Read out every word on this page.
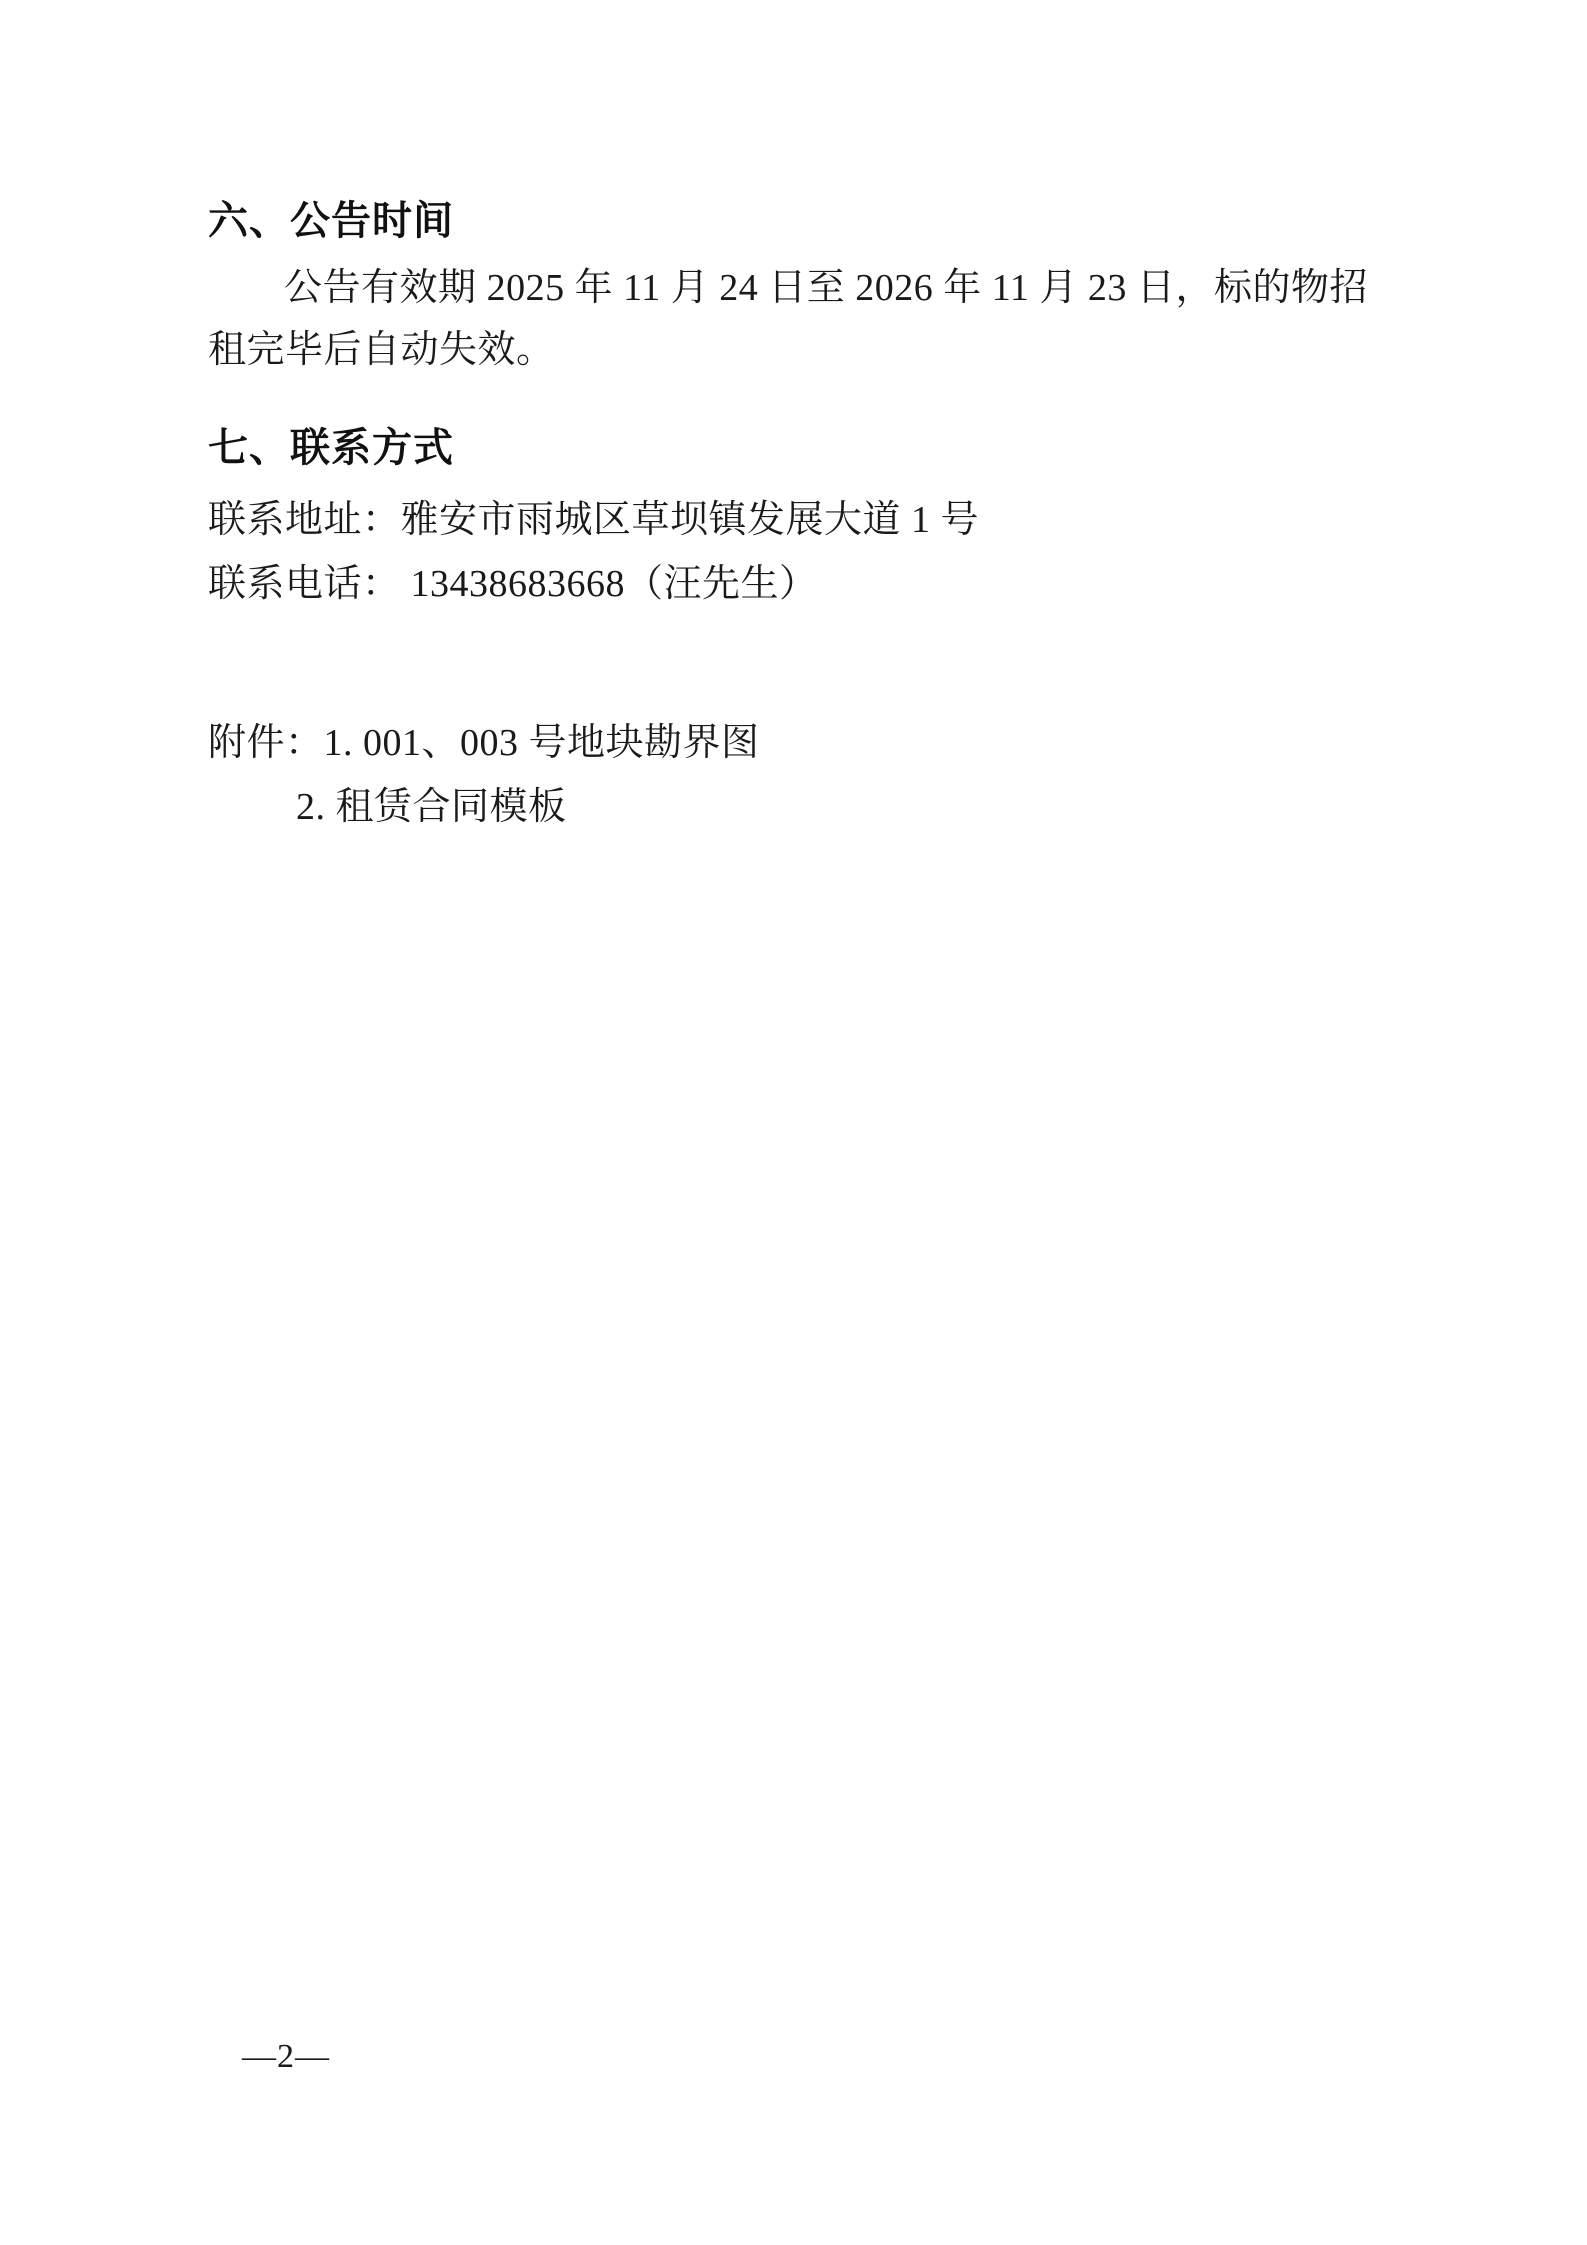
六、公告时间

公告有效期 2025 年 11 月 24 日至 2026 年 11 月 23 日，标的物招租完毕后自动失效。

七、联系方式

联系地址：雅安市雨城区草坝镇发展大道 1 号

联系电话： 13438683668（汪先生）

附件：1. 001、003 号地块勘界图

2. 租赁合同模板

—2—
